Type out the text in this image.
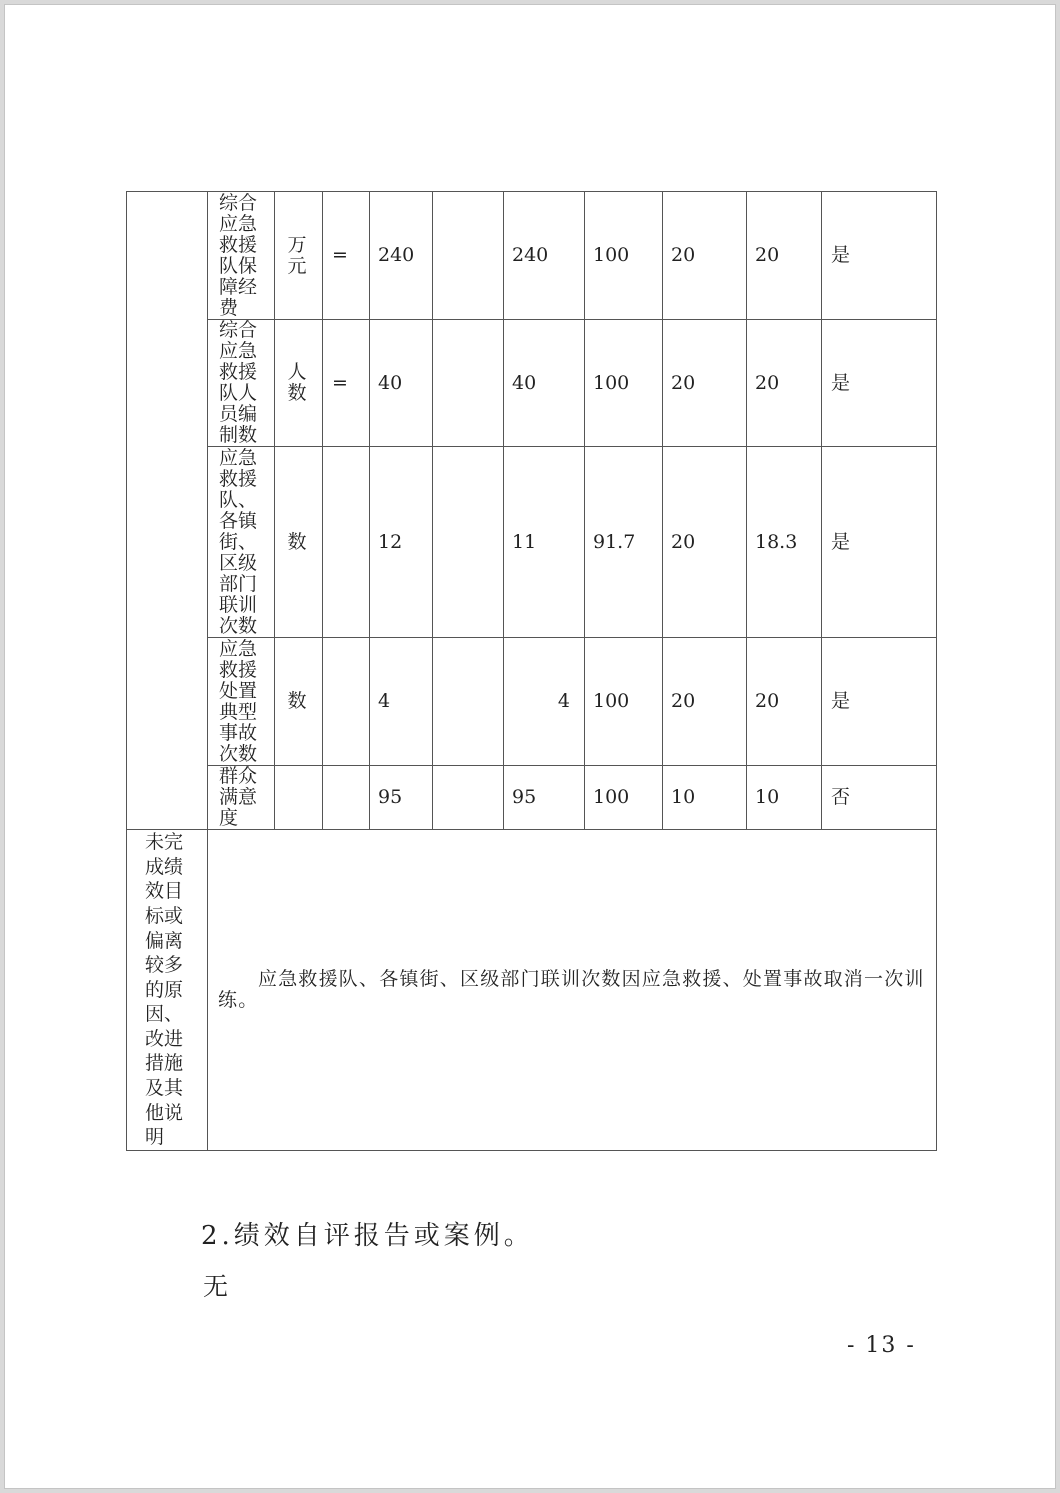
	综合应急救援队保障经费	万元	=	240		240	100	20	20	是

	综合应急救援队人员编制数	人数	=	40		40	100	20	20	是

	应急救援队、各镇街、区级部门联训次数	数		12		11	91.7	20	18.3	是

	应急救援处置典型事故次数	数		4		4	100	20	20	是

	群众满意度			95		95	100	10	10	否

未完成绩效目标或偏离较多的原因、改进措施及其他说明	应急救援队、各镇街、区级部门联训次数因应急救援、处置事故取消一次训练。									
2.绩效自评报告或案例。
无
- 13 -
